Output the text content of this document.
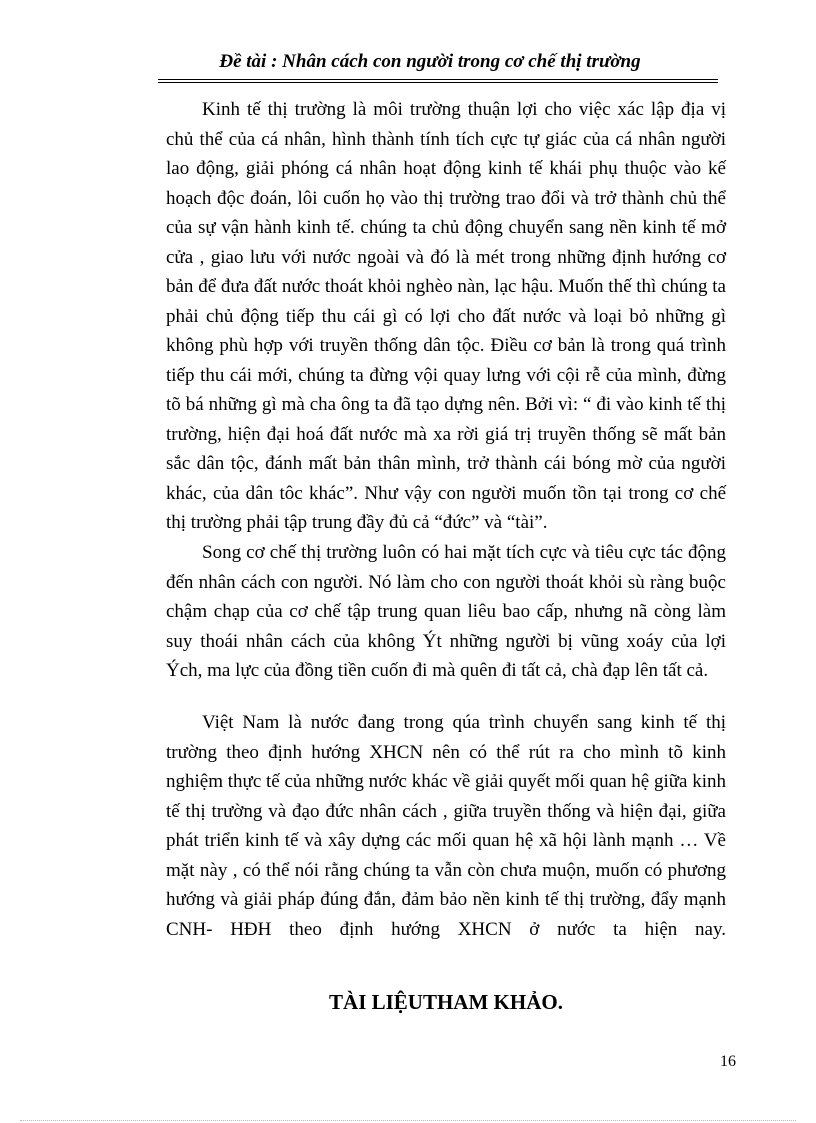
Đề tài : Nhân cách con người trong cơ chế thị trường

Kinh tế thị trường là môi trường thuận lợi cho việc xác lập địa vị chủ thể của cá nhân, hình thành tính tích cực tự giác của cá nhân người lao động, giải phóng cá nhân hoạt động kinh tế khái phụ thuộc vào kế hoạch độc đoán, lôi cuốn họ vào thị trường trao đổi và trở thành chủ thể của sự vận hành kinh tế. chúng ta chủ động chuyển sang nền kinh tế mở cửa , giao lưu với nước ngoài và đó là mét trong những định hướng cơ bản để đưa đất nước thoát khỏi nghèo nàn, lạc hậu. Muốn thế thì chúng ta phải chủ động tiếp thu cái gì có lợi cho đất nước và loại bỏ những gì không phù hợp với truyền thống dân tộc. Điều cơ bản là trong quá trình tiếp thu cái mới, chúng ta đừng vội quay lưng với cội rễ của mình, đừng tõ bá những gì mà cha ông ta đã tạo dựng nên. Bởi vì: “ đi vào kinh tế thị trường, hiện đại hoá đất nước mà xa rời giá trị truyền thống sẽ mất bản sắc dân tộc, đánh mất bản thân mình, trở thành cái bóng mờ của người khác, của dân tôc khác”. Như vậy con người muốn tồn tại trong cơ chế thị trường phải tập trung đầy đủ cả “đức” và “tài”.

Song cơ chế thị trường luôn có hai mặt tích cực và tiêu cực tác động đến nhân cách con người. Nó làm cho con người thoát khỏi sù ràng buộc chậm chạp của cơ chế tập trung quan liêu bao cấp, nhưng nã còng làm suy thoái nhân cách của không Ýt những người bị vũng xoáy của lợi Ých, ma lực của đồng tiền cuốn đi mà quên đi tất cả, chà đạp lên tất cả.

Việt Nam là nước đang trong qúa trình chuyển sang kinh tế thị trường theo định hướng XHCN nên có thể rút ra cho mình tõ kinh nghiệm thực tế của những nước khác về giải quyết mối quan hệ giữa kinh tế thị trường và đạo đức nhân cách , giữa truyền thống và hiện đại, giữa phát triển kinh tế và xây dựng các mối quan hệ xã hội lành mạnh … Về mặt này , có thể nói rằng chúng ta vẫn còn chưa muộn, muốn có phương hướng và giải pháp đúng đắn, đảm bảo nền kinh tế thị trường, đẩy mạnh CNH- HĐH theo định hướng XHCN ở nước ta hiện nay.

TÀI LIỆUTHAM KHẢO.
16
